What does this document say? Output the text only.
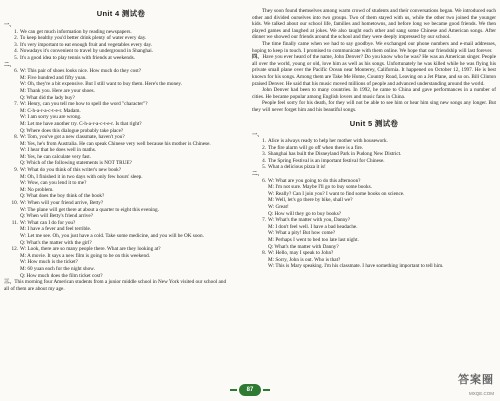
Unit 4 测试卷
一、
1. We can get much information by reading newspapers.
2. To keep healthy you'd better drink plenty of water every day.
3. It's very important to eat enough fruit and vegetables every day.
4. Nowadays it's convenient to travel by underground in Shanghai.
5. It's a good idea to play tennis with friends at weekends.
二、
6. W: This pair of shoes looks nice. How much do they cost?
M: Five hundred and fifty yuan.
W: Oh, they're a bit expensive. But I still want to buy them. Here's the money.
M: Thank you. Here are your shoes.
Q: What did the lady buy?
7. W: Henry, can you tell me how to spell the word "character"?
M: C-h-a-r-a-c-t-e-r. Madam.
W: I am sorry you are wrong.
M: Let me have another try. C-h-a-r-a-c-t-e-r. Is that right?
Q: Where does this dialogue probably take place?
8. W: Tom, you've got a new classmate, haven't you?
M: Yes, he's from Australia. He can speak Chinese very well because his mother is Chinese.
W: I hear that he does well in maths.
M: Yes, he can calculate very fast.
Q: Which of the following statements is NOT TRUE?
9. W: What do you think of this writer's new book?
M: Oh, I finished it in two days with only few hours' sleep.
W: Wow, can you lend it to me?
M: No problem.
Q: What does the boy think of the book?
10. W: When will your friend arrive, Betty?
W: The plane will get there at about a quarter to eight this evening.
Q: When will Betty's friend arrive?
11. W: What can I do for you?
M: I have a fever and feel terrible.
W: Let me see. Oh, you just have a cold. Take some medicine, and you will be OK soon.
Q: What's the matter with the girl?
12. W: Look, there are so many people there. What are they looking at?
M: A movie. It says a new film is going to be on this weekend.
W: How much is the ticket?
M: 60 yuan each for the night show.
Q: How much does the film ticket cost?
三、This morning four American students from a junior middle school in New York visited our school and
all of them are about my age.

They soon found themselves among warm crowd of students and their conversations began. We introduced each other and divided ourselves into two groups. Two of them stayed with us, while the other two joined the younger kids. We talked about our school life, families and hometowns, and before long we became good friends. We then played games and laughed at jokes. We also taught each other and sang some Chinese and American songs. After dinner we showed our friends around the school and they were deeply impressed by our school.

The time finally came when we had to say goodbye. We exchanged our phone numbers and e-mail addresses, hoping to keep in touch. I promised to communicate with them online. We hope that our friendship will last forever.

四、Have you ever heard of the name, John Denver? Do you know who he was? He was an American singer. People all over the world, young or old, love him as well as his songs. Unfortunately he was killed while he was flying his private small plane over the Pacific Ocean near Monterey, California. It happened on October 12, 1997. He is best known for his songs. Among them are Take Me Home, Country Road, Leaving on a Jet Plane, and so on. Bill Clinton praised Denver. He said that his music moved millions of people and advanced understanding around the world.

John Denver had been to many countries. In 1992, he came to China and gave performances in a number of cities. He became popular among English lovers and music fans in China.

People feel sorry for his death, for they will not be able to see him or hear him sing new songs any longer. But they will never forget him and his beautiful songs.

Unit 5 测试卷
一、
1. Alice is always ready to help her mother with housework.
2. The fire alarm will go off when there is a fire.
3. Shanghai has built the Disneyland Park in Pudong New District.
4. The Spring Festival is an important festival for Chinese.
5. What a delicious pizza it is!
二、
6. W: What are you going to do this afternoon?
M: I'm not sure. Maybe I'll go to buy some books.
W: Really? Can I join you? I want to find some books on science.
M: Well, let's go there by bike, shall we?
W: Great!
Q: How will they go to buy books?
7. W: What's the matter with you, Danny?
M: I don't feel well. I have a bad headache.
W: What a pity! But how come?
M: Perhaps I went to bed too late last night.
Q: What's the matter with Danny?
8. W: Hello, may I speak to John?
M: Sorry, John is out. Who is that?
W: This is Mary speaking. I'm his classmate. I have something important to tell him.
87
答案圈
MXQE.COM
